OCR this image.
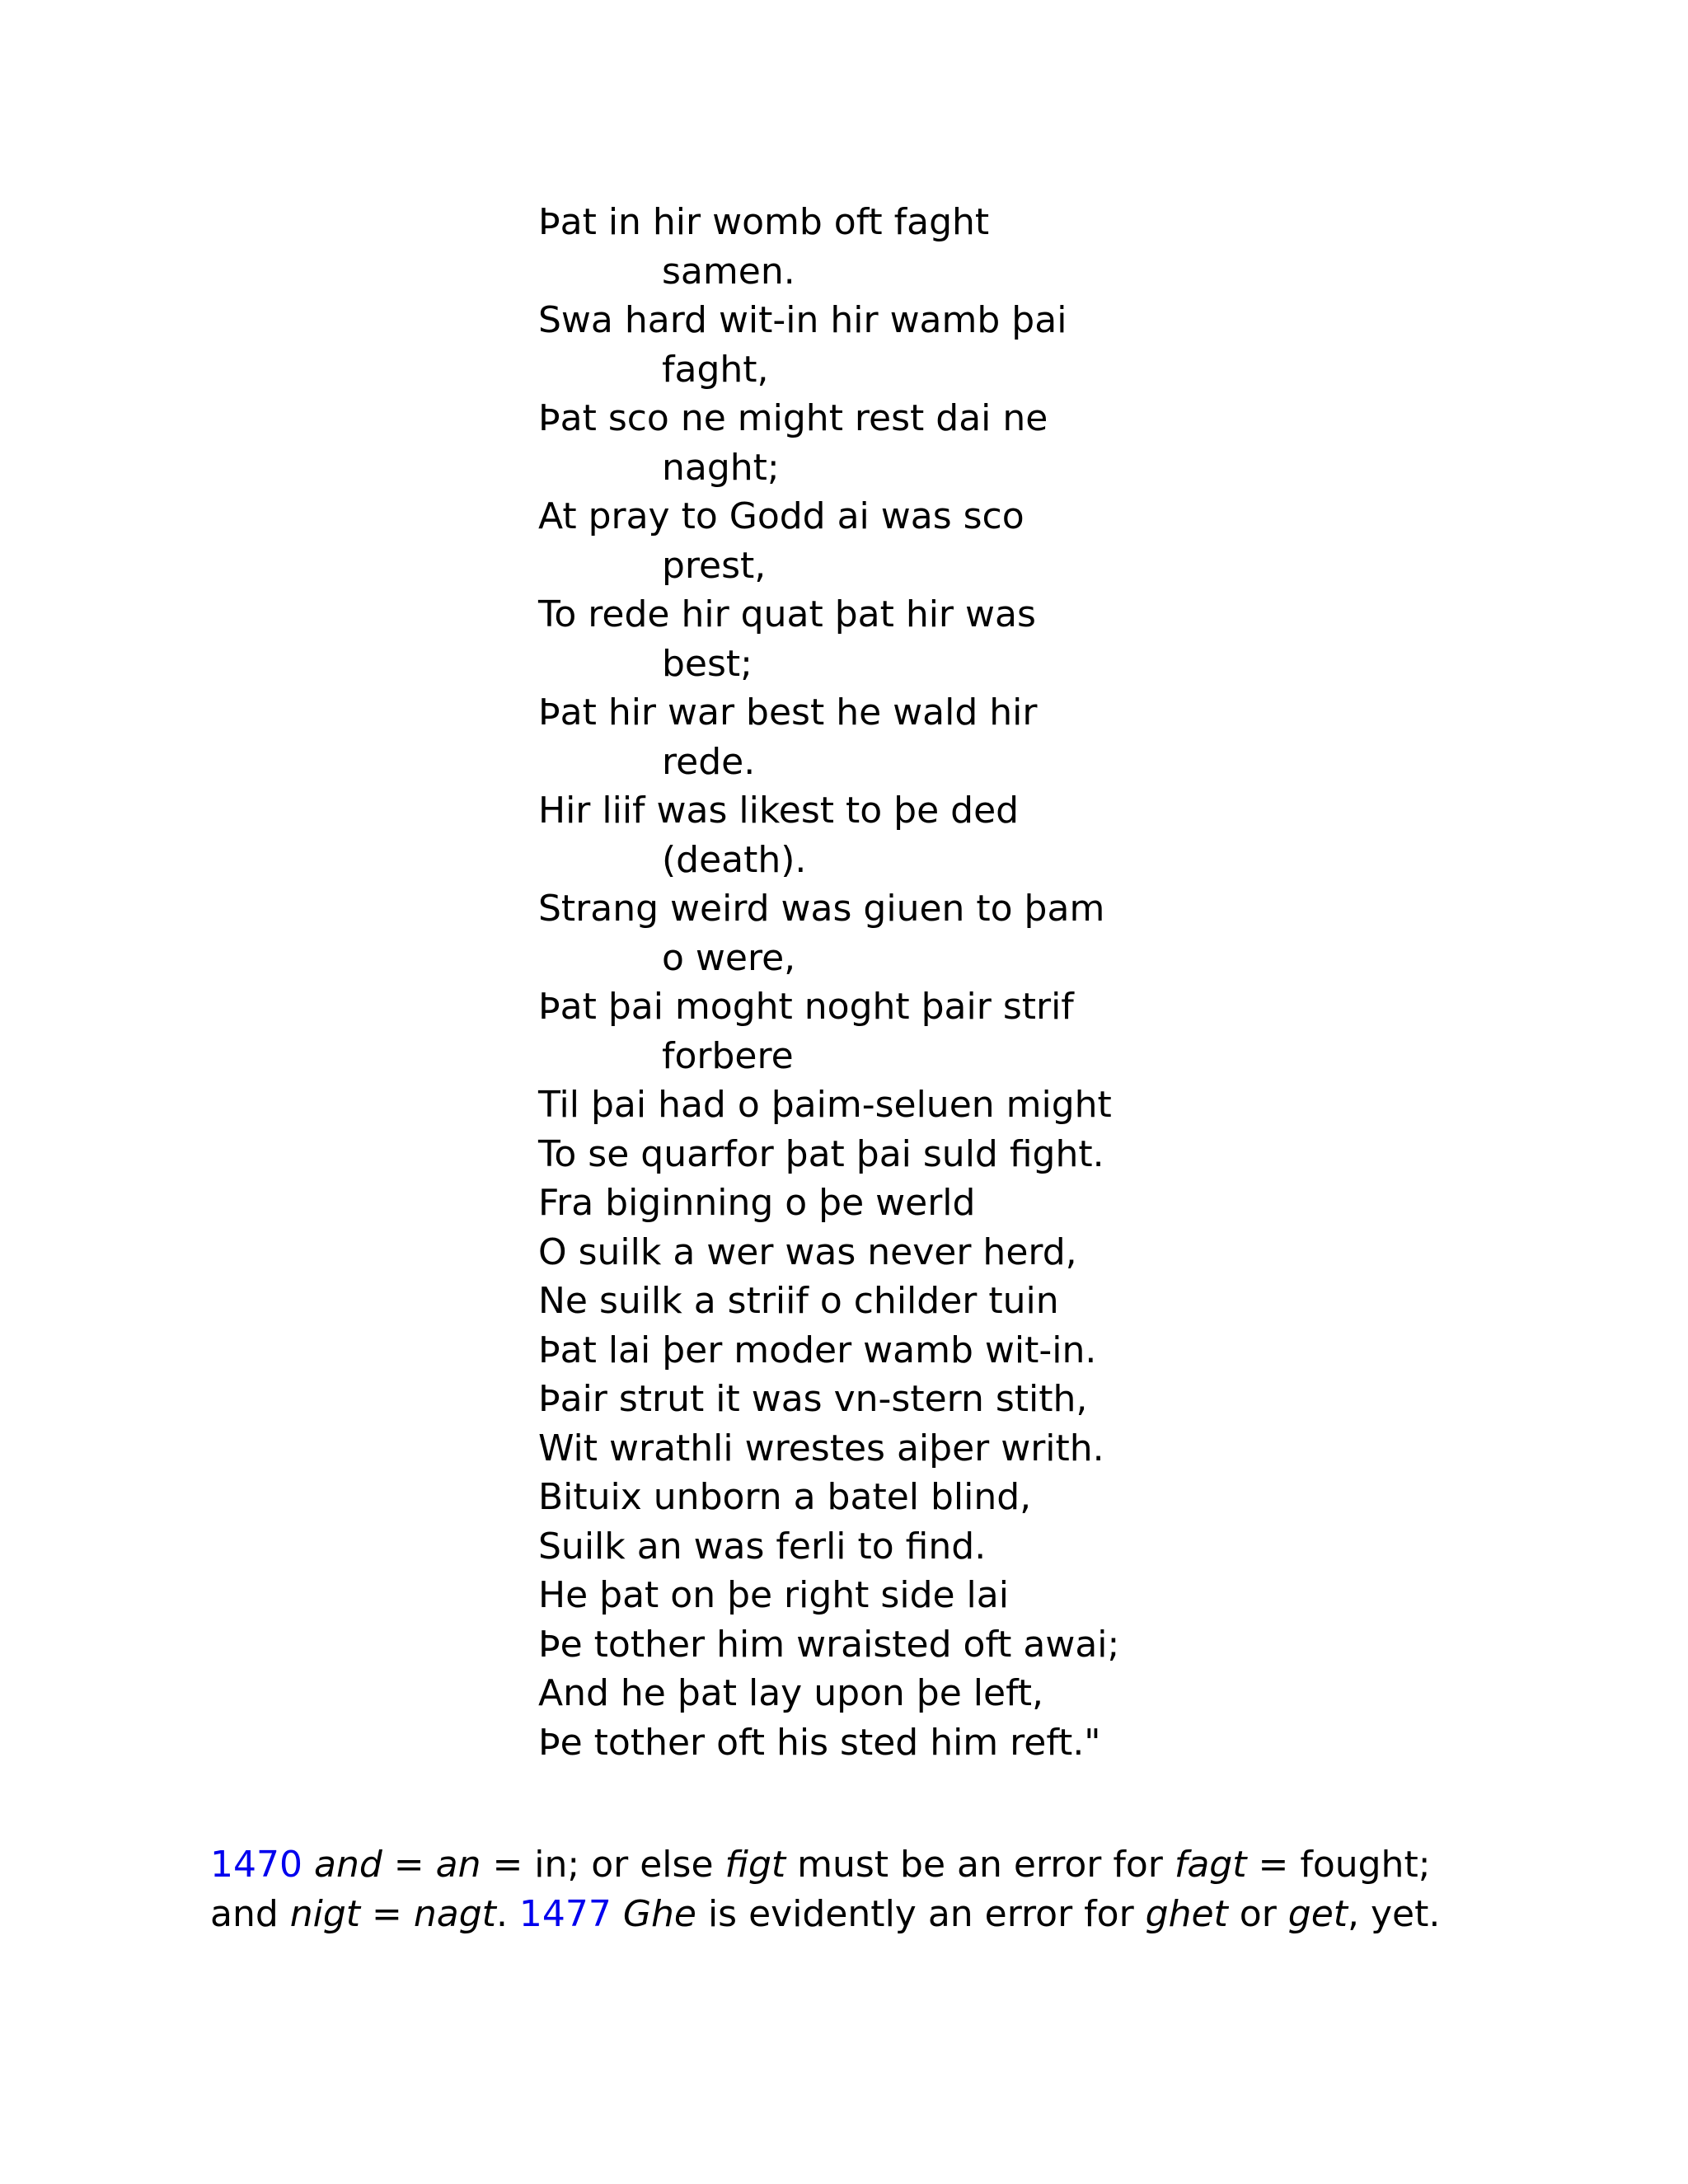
Þat in hir womb oft faght
samen.
Swa hard wit-in hir wamb þai
faght,
Þat sco ne might rest dai ne
naght;
At pray to Godd ai was sco
prest,
To rede hir quat þat hir was
best;
Þat hir war best he wald hir
rede.
Hir liif was likest to þe ded
(death).
Strang weird was giuen to þam
o were,
Þat þai moght noght þair strif
forbere
Til þai had o þaim-seluen might
To se quarfor þat þai suld fight.
Fra biginning o þe werld
O suilk a wer was never herd,
Ne suilk a striif o childer tuin
Þat lai þer moder wamb wit-in.
Þair strut it was vn-stern stith,
Wit wrathli wrestes aiþer writh.
Bituix unborn a batel blind,
Suilk an was ferli to find.
He þat on þe right side lai
Þe tother him wraisted oft awai;
And he þat lay upon þe left,
Þe tother oft his sted him reft."

1470 and = an = in; or else figt must be an error for fagt = fought;

and nigt = nagt. 1477 Ghe is evidently an error for ghet or get, yet.
